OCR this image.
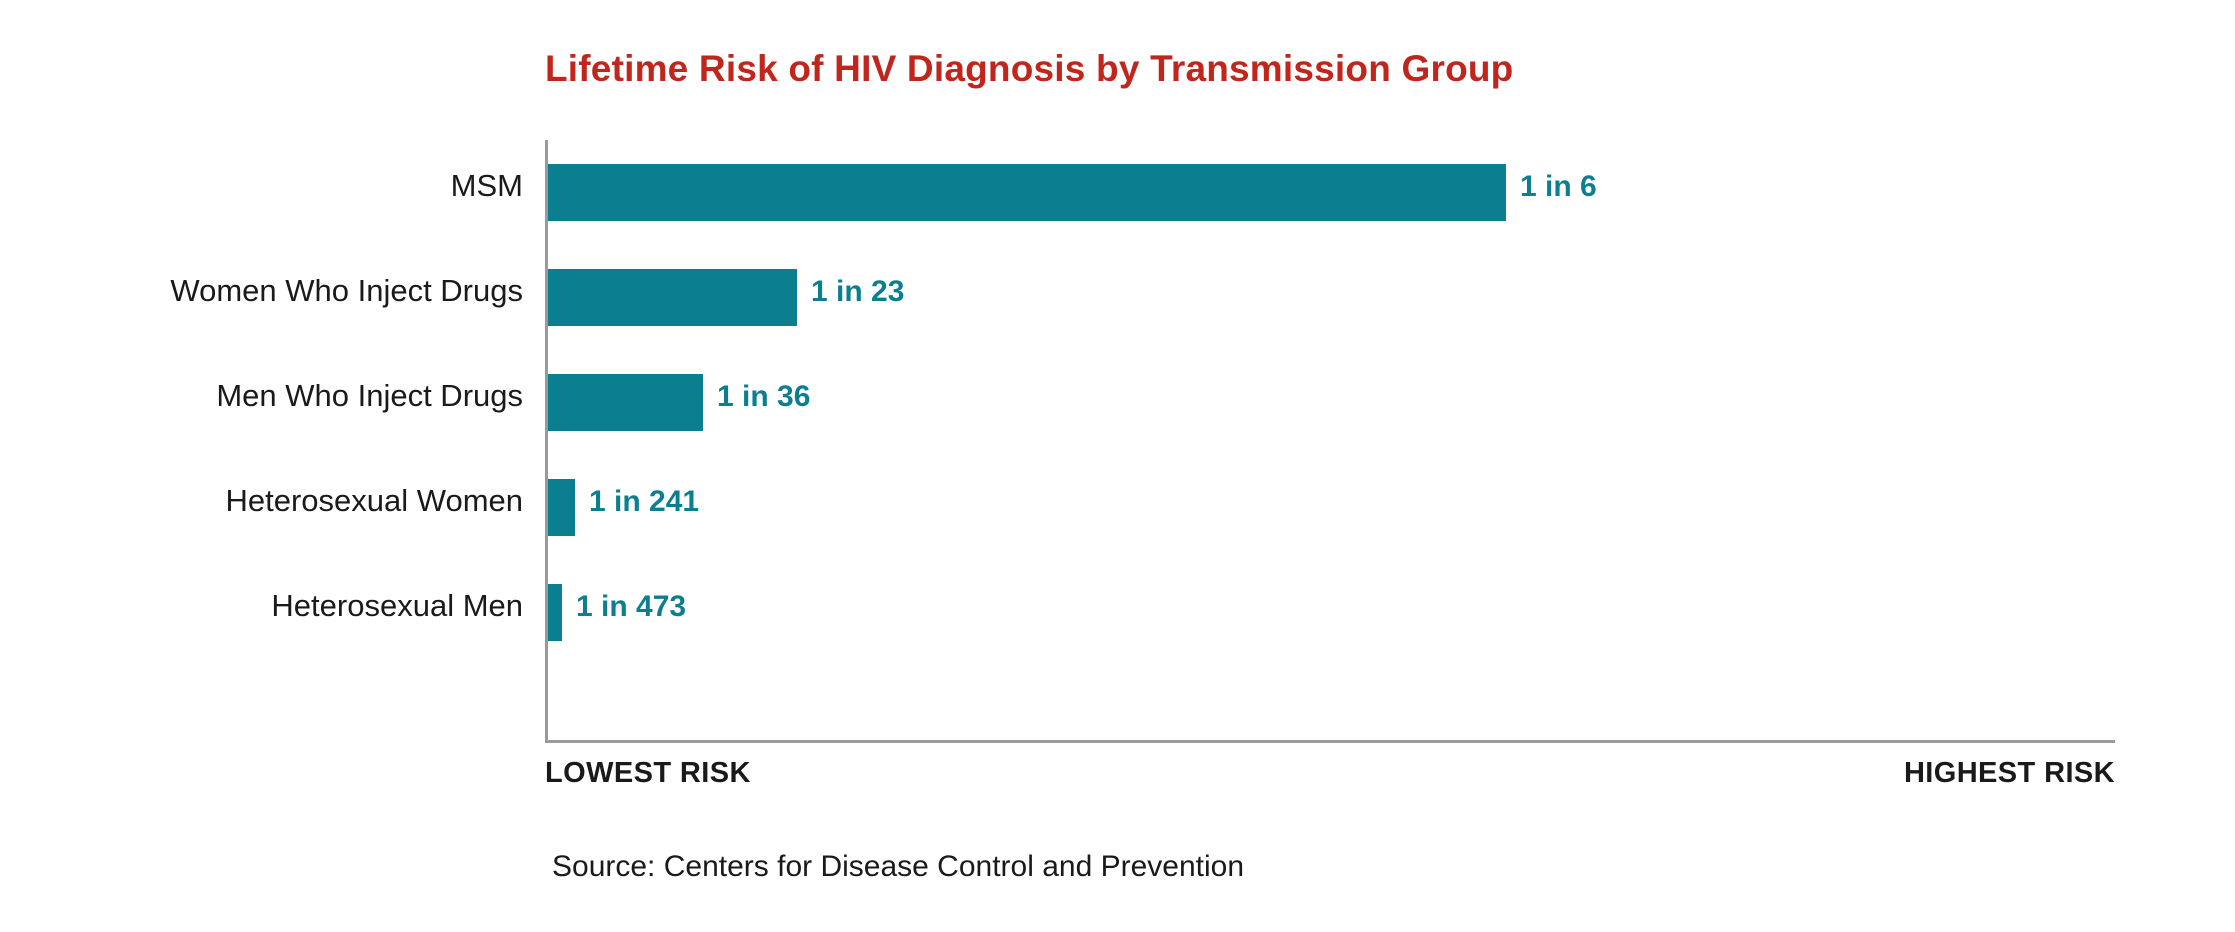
Lifetime Risk of HIV Diagnosis by Transmission Group
MSM	1 in 6
Women Who Inject Drugs	1 in 23
Men Who Inject Drugs	1 in 36
Heterosexual Women 1 in 241
Heterosexual Men 1 in 473
LOWEST RISK	HIGHEST RISK
Source: Centers for Disease Control and Prevention
